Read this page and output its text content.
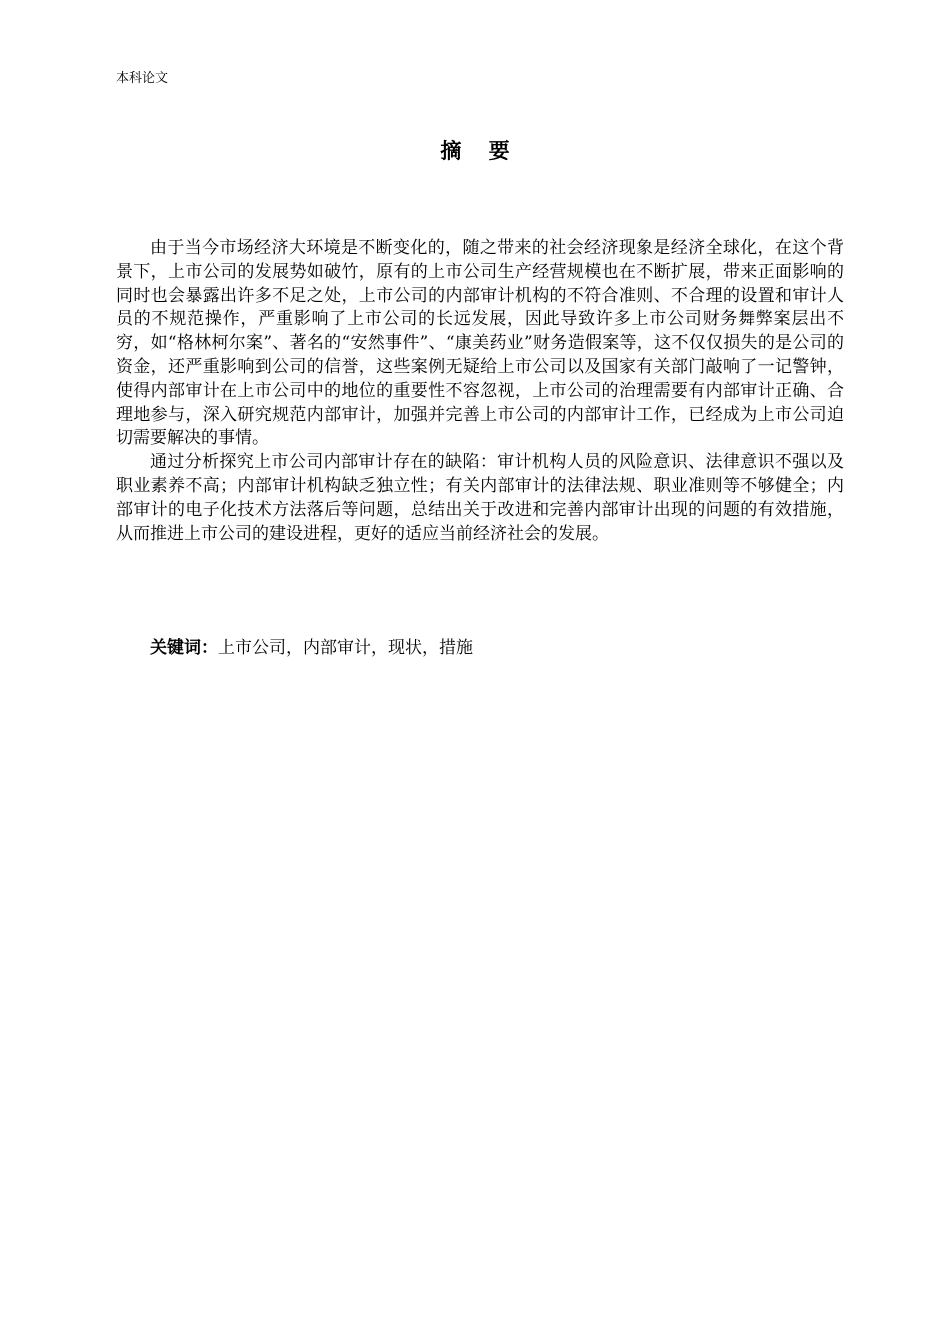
本科论文
摘 要

由于当今市场经济大环境是不断变化的，随之带来的社会经济现象是经济全球化，在这个背景下，上市公司的发展势如破竹，原有的上市公司生产经营规模也在不断扩展，带来正面影响的同时也会暴露出许多不足之处，上市公司的内部审计机构的不符合准则、不合理的设置和审计人员的不规范操作，严重影响了上市公司的长远发展，因此导致许多上市公司财务舞弊案层出不穷，如“格林柯尔案”、著名的“安然事件”、“康美药业”财务造假案等，这不仅仅损失的是公司的资金，还严重影响到公司的信誉，这些案例无疑给上市公司以及国家有关部门敲响了一记警钟，使得内部审计在上市公司中的地位的重要性不容忽视，上市公司的治理需要有内部审计正确、合理地参与，深入研究规范内部审计，加强并完善上市公司的内部审计工作，已经成为上市公司迫切需要解决的事情。

通过分析探究上市公司内部审计存在的缺陷：审计机构人员的风险意识、法律意识不强以及职业素养不高；内部审计机构缺乏独立性；有关内部审计的法律法规、职业准则等不够健全；内部审计的电子化技术方法落后等问题，总结出关于改进和完善内部审计出现的问题的有效措施，从而推进上市公司的建设进程，更好的适应当前经济社会的发展。

关键词：上市公司，内部审计，现状，措施
